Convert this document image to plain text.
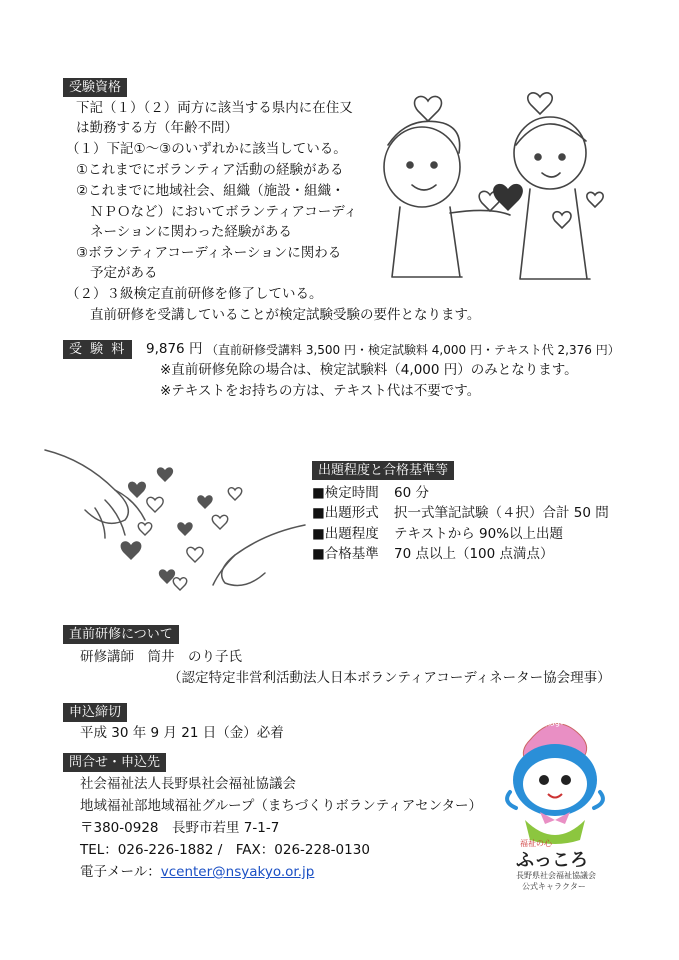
受験資格
下記（１）（２）両方に該当する県内に在住又
は勤務する方（年齢不問）
（１）下記①～③のいずれかに該当している。
①これまでにボランティア活動の経験がある
②これまでに地域社会、組織（施設・組織・
ＮＰＯなど）においてボランティアコーディ
ネーションに関わった経験がある
③ボランティアコーディネーションに関わる
予定がある
（２）３級検定直前研修を修了している。
直前研修を受講していることが検定試験受験の要件となります。
受 験 料	9,876 円 （直前研修受講料 3,500 円・検定試験料 4,000 円・テキスト代 2,376 円）
※直前研修免除の場合は、検定試験料（4,000 円）のみとなります。
※テキストをお持ちの方は、テキスト代は不要です。
出題程度と合格基準等
■検定時間 60 分
■出題形式 択一式筆記試験（４択）合計 50 問
■出題程度 テキストから 90%以上出題
■合格基準 70 点以上（100 点満点）
直前研修について
研修講師　筒井　のり子氏
（認定特定非営利活動法人日本ボランティアコーディネーター協会理事）
申込締切
平成 30 年 9 月 21 日（金）必着
問合せ・申込先
社会福祉法人長野県社会福祉協議会
地域福祉部地域福祉グループ（まちづくりボランティアセンター）
〒380-0928　長野市若里 7-1-7
TEL：026-226-1882 /　FAX：026-228-0130
電子メール：vcenter@nsyakyo.or.jp
#nagano
福祉の心
ふっころ
長野県社会福祉協議会
公式キャラクター
